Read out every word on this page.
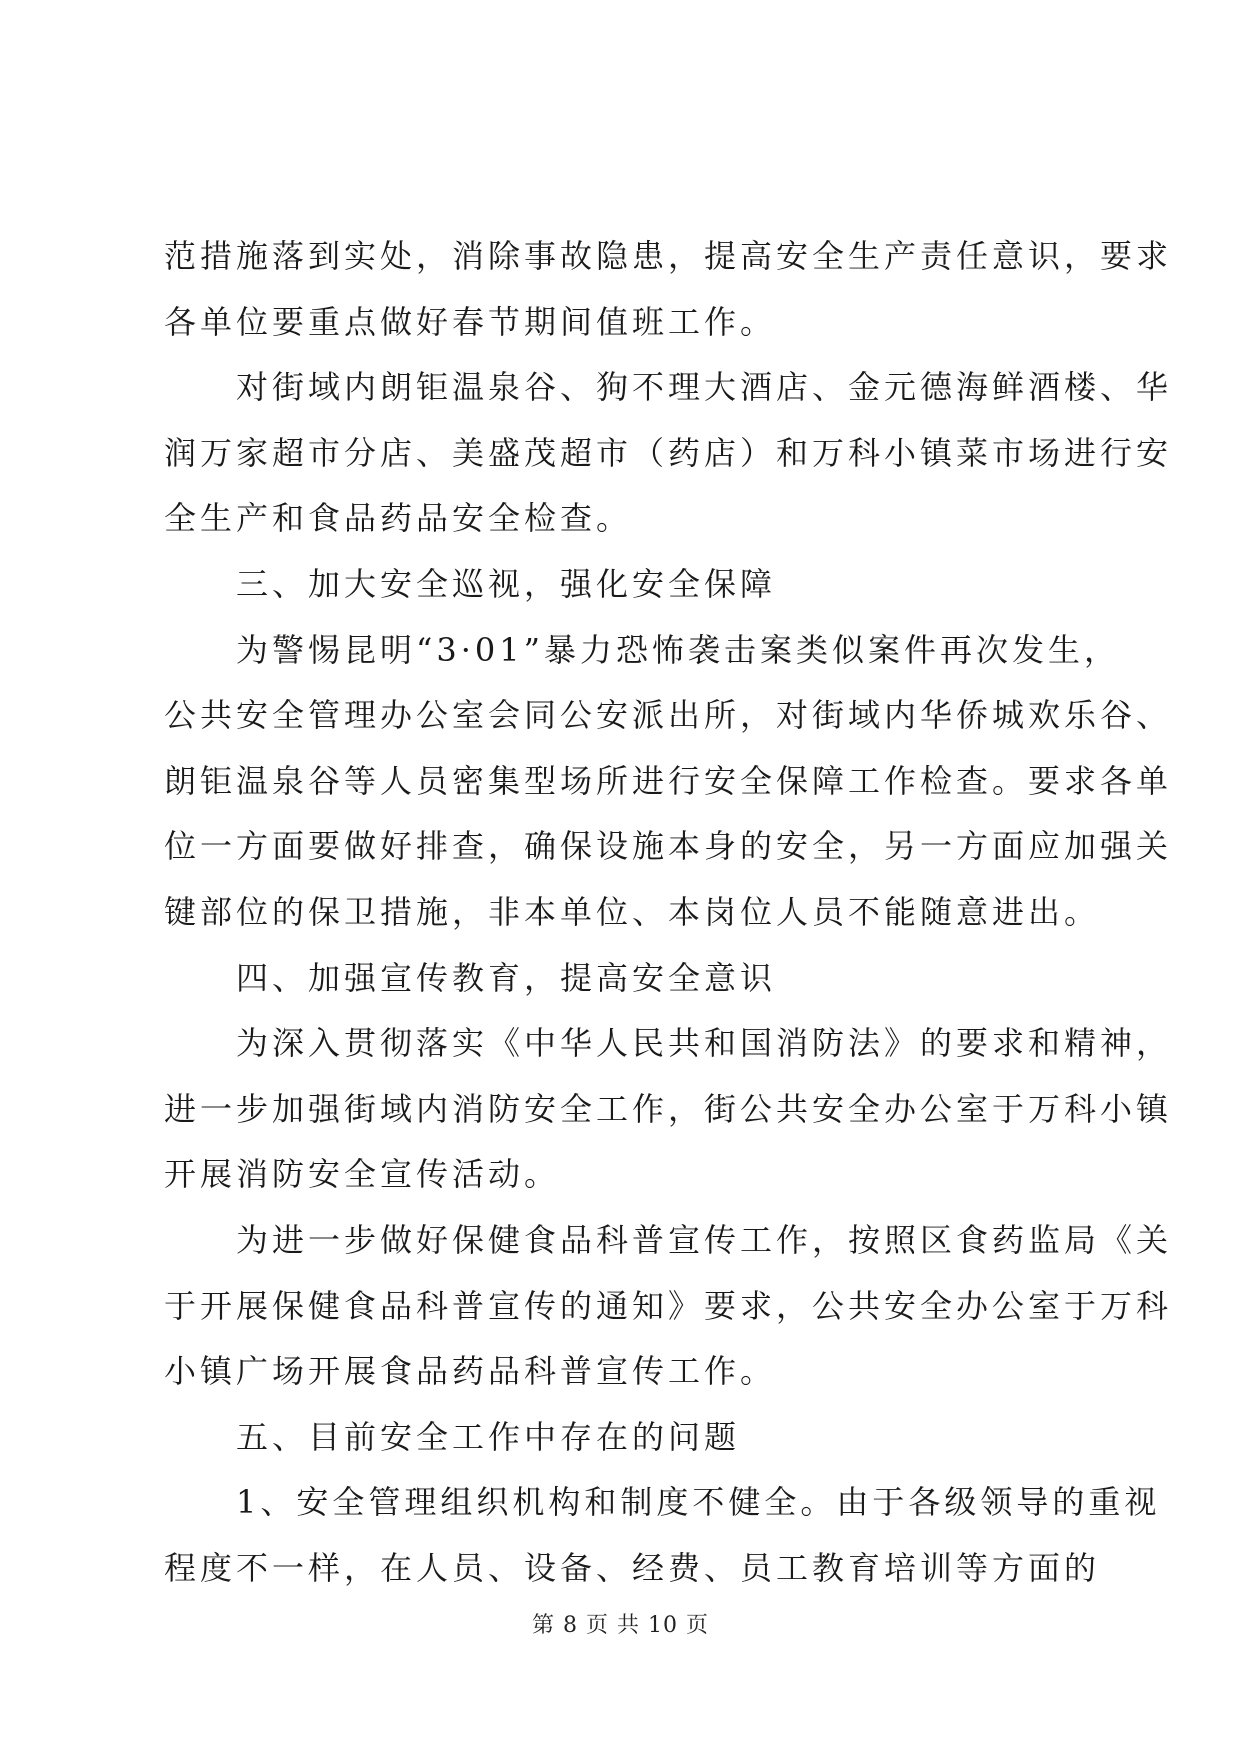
范措施落到实处，消除事故隐患，提高安全生产责任意识，要求
各单位要重点做好春节期间值班工作。
　　对街域内朗钜温泉谷、狗不理大酒店、金元德海鲜酒楼、华
润万家超市分店、美盛茂超市（药店）和万科小镇菜市场进行安
全生产和食品药品安全检查。
　　三、加大安全巡视，强化安全保障
　　为警惕昆明“3·01”暴力恐怖袭击案类似案件再次发生，
公共安全管理办公室会同公安派出所，对街域内华侨城欢乐谷、
朗钜温泉谷等人员密集型场所进行安全保障工作检查。要求各单
位一方面要做好排查，确保设施本身的安全，另一方面应加强关
键部位的保卫措施，非本单位、本岗位人员不能随意进出。
　　四、加强宣传教育，提高安全意识
　　为深入贯彻落实《中华人民共和国消防法》的要求和精神，
进一步加强街域内消防安全工作，街公共安全办公室于万科小镇
开展消防安全宣传活动。
　　为进一步做好保健食品科普宣传工作，按照区食药监局《关
于开展保健食品科普宣传的通知》要求，公共安全办公室于万科
小镇广场开展食品药品科普宣传工作。
　　五、目前安全工作中存在的问题
　　1、安全管理组织机构和制度不健全。由于各级领导的重视
程度不一样，在人员、设备、经费、员工教育培训等方面的
第 8 页 共 10 页
